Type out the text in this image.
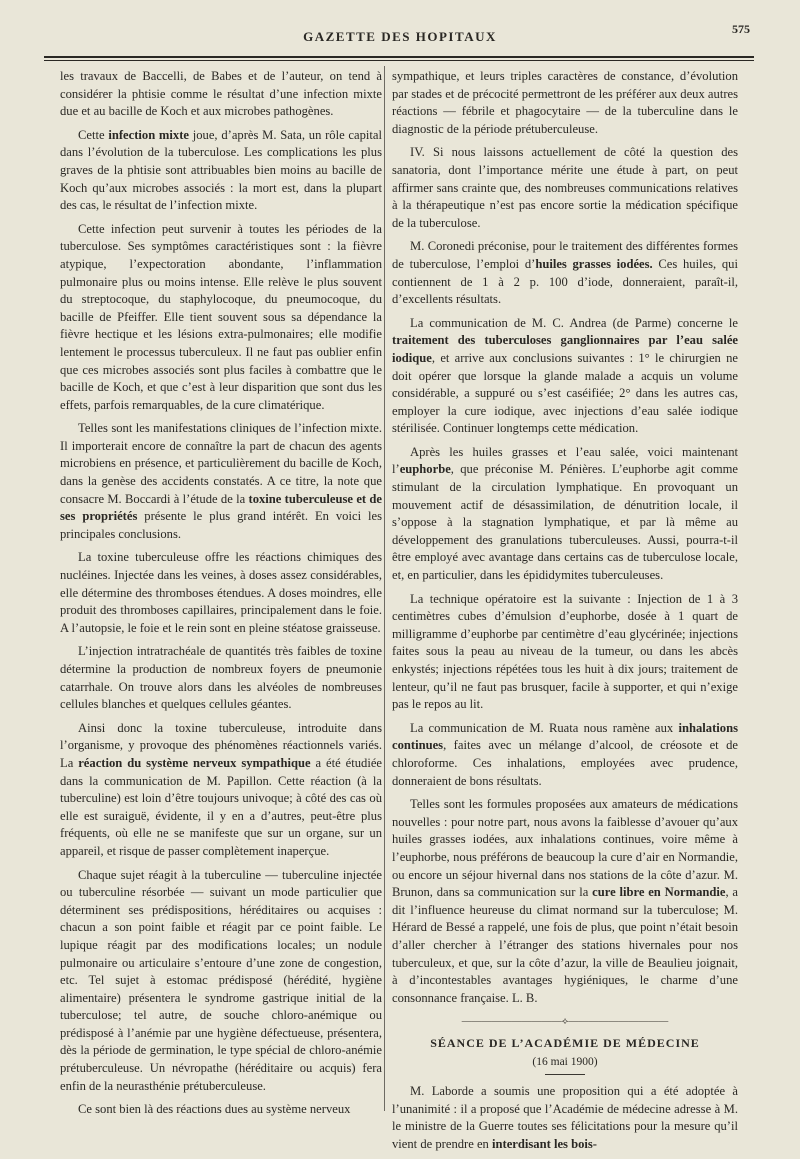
GAZETTE DES HOPITAUX	575

les travaux de Baccelli, de Babes et de l’auteur, on tend à considérer la phtisie comme le résultat d’une infection mixte due et au bacille de Koch et aux microbes pathogènes.

Cette infection mixte joue, d’après M. Sata, un rôle capital dans l’évolution de la tuberculose. Les complications les plus graves de la phtisie sont attribuables bien moins au bacille de Koch qu’aux microbes associés : la mort est, dans la plupart des cas, le résultat de l’infection mixte.

Cette infection peut survenir à toutes les périodes de la tuberculose. Ses symptômes caractéristiques sont : la fièvre atypique, l’expectoration abondante, l’inflammation pulmonaire plus ou moins intense. Elle relève le plus souvent du streptocoque, du staphylocoque, du pneumocoque, du bacille de Pfeiffer. Elle tient souvent sous sa dépendance la fièvre hectique et les lésions extra-pulmonaires; elle modifie lentement le processus tuberculeux. Il ne faut pas oublier enfin que ces microbes associés sont plus faciles à combattre que le bacille de Koch, et que c’est à leur disparition que sont dus les effets, parfois remarquables, de la cure climatérique.

Telles sont les manifestations cliniques de l’infection mixte. Il importerait encore de connaître la part de chacun des agents microbiens en présence, et particulièrement du bacille de Koch, dans la genèse des accidents constatés. A ce titre, la note que consacre M. Boccardi à l’étude de la toxine tuberculeuse et de ses propriétés présente le plus grand intérêt. En voici les principales conclusions.

La toxine tuberculeuse offre les réactions chimiques des nucléines. Injectée dans les veines, à doses assez considérables, elle détermine des thromboses étendues. A doses moindres, elle produit des thromboses capillaires, principalement dans le foie. A l’autopsie, le foie et le rein sont en pleine stéatose graisseuse.

L’injection intratrachéale de quantités très faibles de toxine détermine la production de nombreux foyers de pneumonie catarrhale. On trouve alors dans les alvéoles de nombreuses cellules blanches et quelques cellules géantes.

Ainsi donc la toxine tuberculeuse, introduite dans l’organisme, y provoque des phénomènes réactionnels variés. La réaction du système nerveux sympathique a été étudiée dans la communication de M. Papillon. Cette réaction (à la tuberculine) est loin d’être toujours univoque; à côté des cas où elle est suraiguë, évidente, il y en a d’autres, peut-être plus fréquents, où elle ne se manifeste que sur un organe, sur un appareil, et risque de passer complètement inaperçue.

Chaque sujet réagit à la tuberculine — tuberculine injectée ou tuberculine résorbée — suivant un mode particulier que déterminent ses prédispositions, héréditaires ou acquises : chacun a son point faible et réagit par ce point faible. Le lupique réagit par des modifications locales; un nodule pulmonaire ou articulaire s’entoure d’une zone de congestion, etc. Tel sujet à estomac prédisposé (hérédité, hygiène alimentaire) présentera le syndrome gastrique initial de la tuberculose; tel autre, de souche chloro-anémique ou prédisposé à l’anémie par une hygiène défectueuse, présentera, dès la période de germination, le type spécial de chloro-anémie prétuberculeuse. Un névropathe (héréditaire ou acquis) fera enfin de la neurasthénie prétuberculeuse.

Ce sont bien là des réactions dues au système nerveux

sympathique, et leurs triples caractères de constance, d’évolution par stades et de précocité permettront de les préférer aux deux autres réactions — fébrile et phagocytaire — de la tuberculine dans le diagnostic de la période prétuberculeuse.

IV. Si nous laissons actuellement de côté la question des sanatoria, dont l’importance mérite une étude à part, on peut affirmer sans crainte que, des nombreuses communications relatives à la thérapeutique n’est pas encore sortie la médication spécifique de la tuberculose.

M. Coronedi préconise, pour le traitement des différentes formes de tuberculose, l’emploi d’huiles grasses iodées. Ces huiles, qui contiennent de 1 à 2 p. 100 d’iode, donneraient, paraît-il, d’excellents résultats.

La communication de M. C. Andrea (de Parme) concerne le traitement des tuberculoses ganglionnaires par l’eau salée iodique, et arrive aux conclusions suivantes : 1° le chirurgien ne doit opérer que lorsque la glande malade a acquis un volume considérable, a suppuré ou s’est caséifiée; 2° dans les autres cas, employer la cure iodique, avec injections d’eau salée iodique stérilisée. Continuer longtemps cette médication.

Après les huiles grasses et l’eau salée, voici maintenant l’euphorbe, que préconise M. Pénières. L’euphorbe agit comme stimulant de la circulation lymphatique. En provoquant un mouvement actif de désassimilation, de dénutrition locale, il s’oppose à la stagnation lymphatique, et par là même au développement des granulations tuberculeuses. Aussi, pourra-t-il être employé avec avantage dans certains cas de tuberculose locale, et, en particulier, dans les épididymites tuberculeuses.

La technique opératoire est la suivante : Injection de 1 à 3 centimètres cubes d’émulsion d’euphorbe, dosée à 1 quart de milligramme d’euphorbe par centimètre d’eau glycérinée; injections faites sous la peau au niveau de la tumeur, ou dans les abcès enkystés; injections répétées tous les huit à dix jours; traitement de lenteur, qu’il ne faut pas brusquer, facile à supporter, et qui n’exige pas le repos au lit.

La communication de M. Ruata nous ramène aux inhalations continues, faites avec un mélange d’alcool, de créosote et de chloroforme. Ces inhalations, employées avec prudence, donneraient de bons résultats.

Telles sont les formules proposées aux amateurs de médications nouvelles : pour notre part, nous avons la faiblesse d’avouer qu’aux huiles grasses iodées, aux inhalations continues, voire même à l’euphorbe, nous préférons de beaucoup la cure d’air en Normandie, ou encore un séjour hivernal dans nos stations de la côte d’azur. M. Brunon, dans sa communication sur la cure libre en Normandie, a dit l’influence heureuse du climat normand sur la tuberculose; M. Hérard de Bessé a rappelé, une fois de plus, que point n’était besoin d’aller chercher à l’étranger des stations hivernales pour nos tuberculeux, et que, sur la côte d’azur, la ville de Beaulieu joignait, à d’incontestables avantages hygiéniques, le charme d’une consonnance française. L. B.

——————————⟡——————————

SÉANCE DE L’ACADÉMIE DE MÉDECINE

(16 mai 1900)

M. Laborde a soumis une proposition qui a été adoptée à l’unanimité : il a proposé que l’Académie de médecine adresse à M. le ministre de la Guerre toutes ses félicitations pour la mesure qu’il vient de prendre en interdisant les bois-
